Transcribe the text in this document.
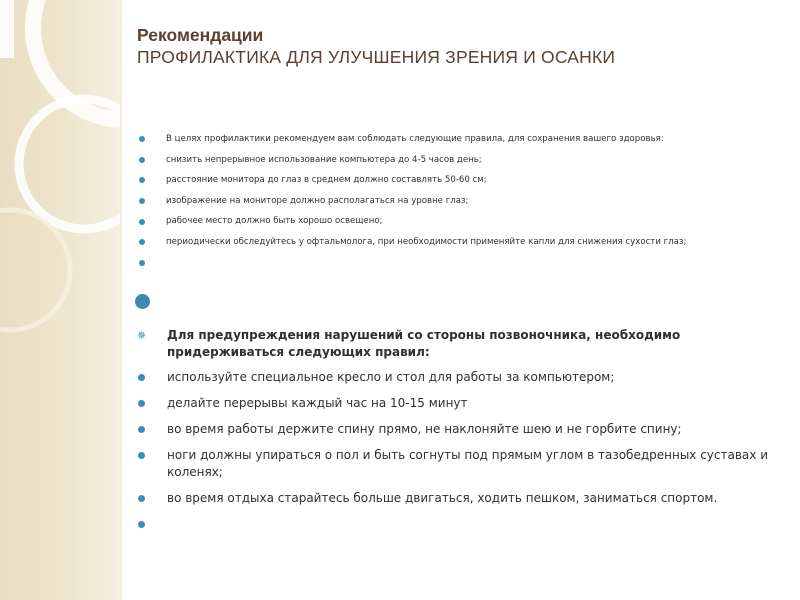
Рекомендации
ПРОФИЛАКТИКА ДЛЯ УЛУЧШЕНИЯ ЗРЕНИЯ И ОСАНКИ
В целях профилактики рекомендуем вам соблюдать следующие правила, для сохранения вашего здоровья:
снизить непрерывное использование компьютера до 4-5 часов день;
расстояние монитора до глаз в среднем должно составлять 50-60 см;
изображение на мониторе должно располагаться на уровне глаз;
рабочее место должно быть хорошо освещено;
периодически обследуйтесь у офтальмолога, при необходимости применяйте капли для снижения сухости глаз;
✵ Для предупреждения нарушений со стороны позвоночника, необходимо придерживаться следующих правил:
используйте специальное кресло и стол для работы за компьютером;
делайте перерывы каждый час на 10-15 минут
во время работы держите спину прямо, не наклоняйте шею и не горбите спину;
ноги должны упираться о пол и быть согнуты под прямым углом в тазобедренных суставах и коленях;
во время отдыха старайтесь больше двигаться, ходить пешком, заниматься спортом.
